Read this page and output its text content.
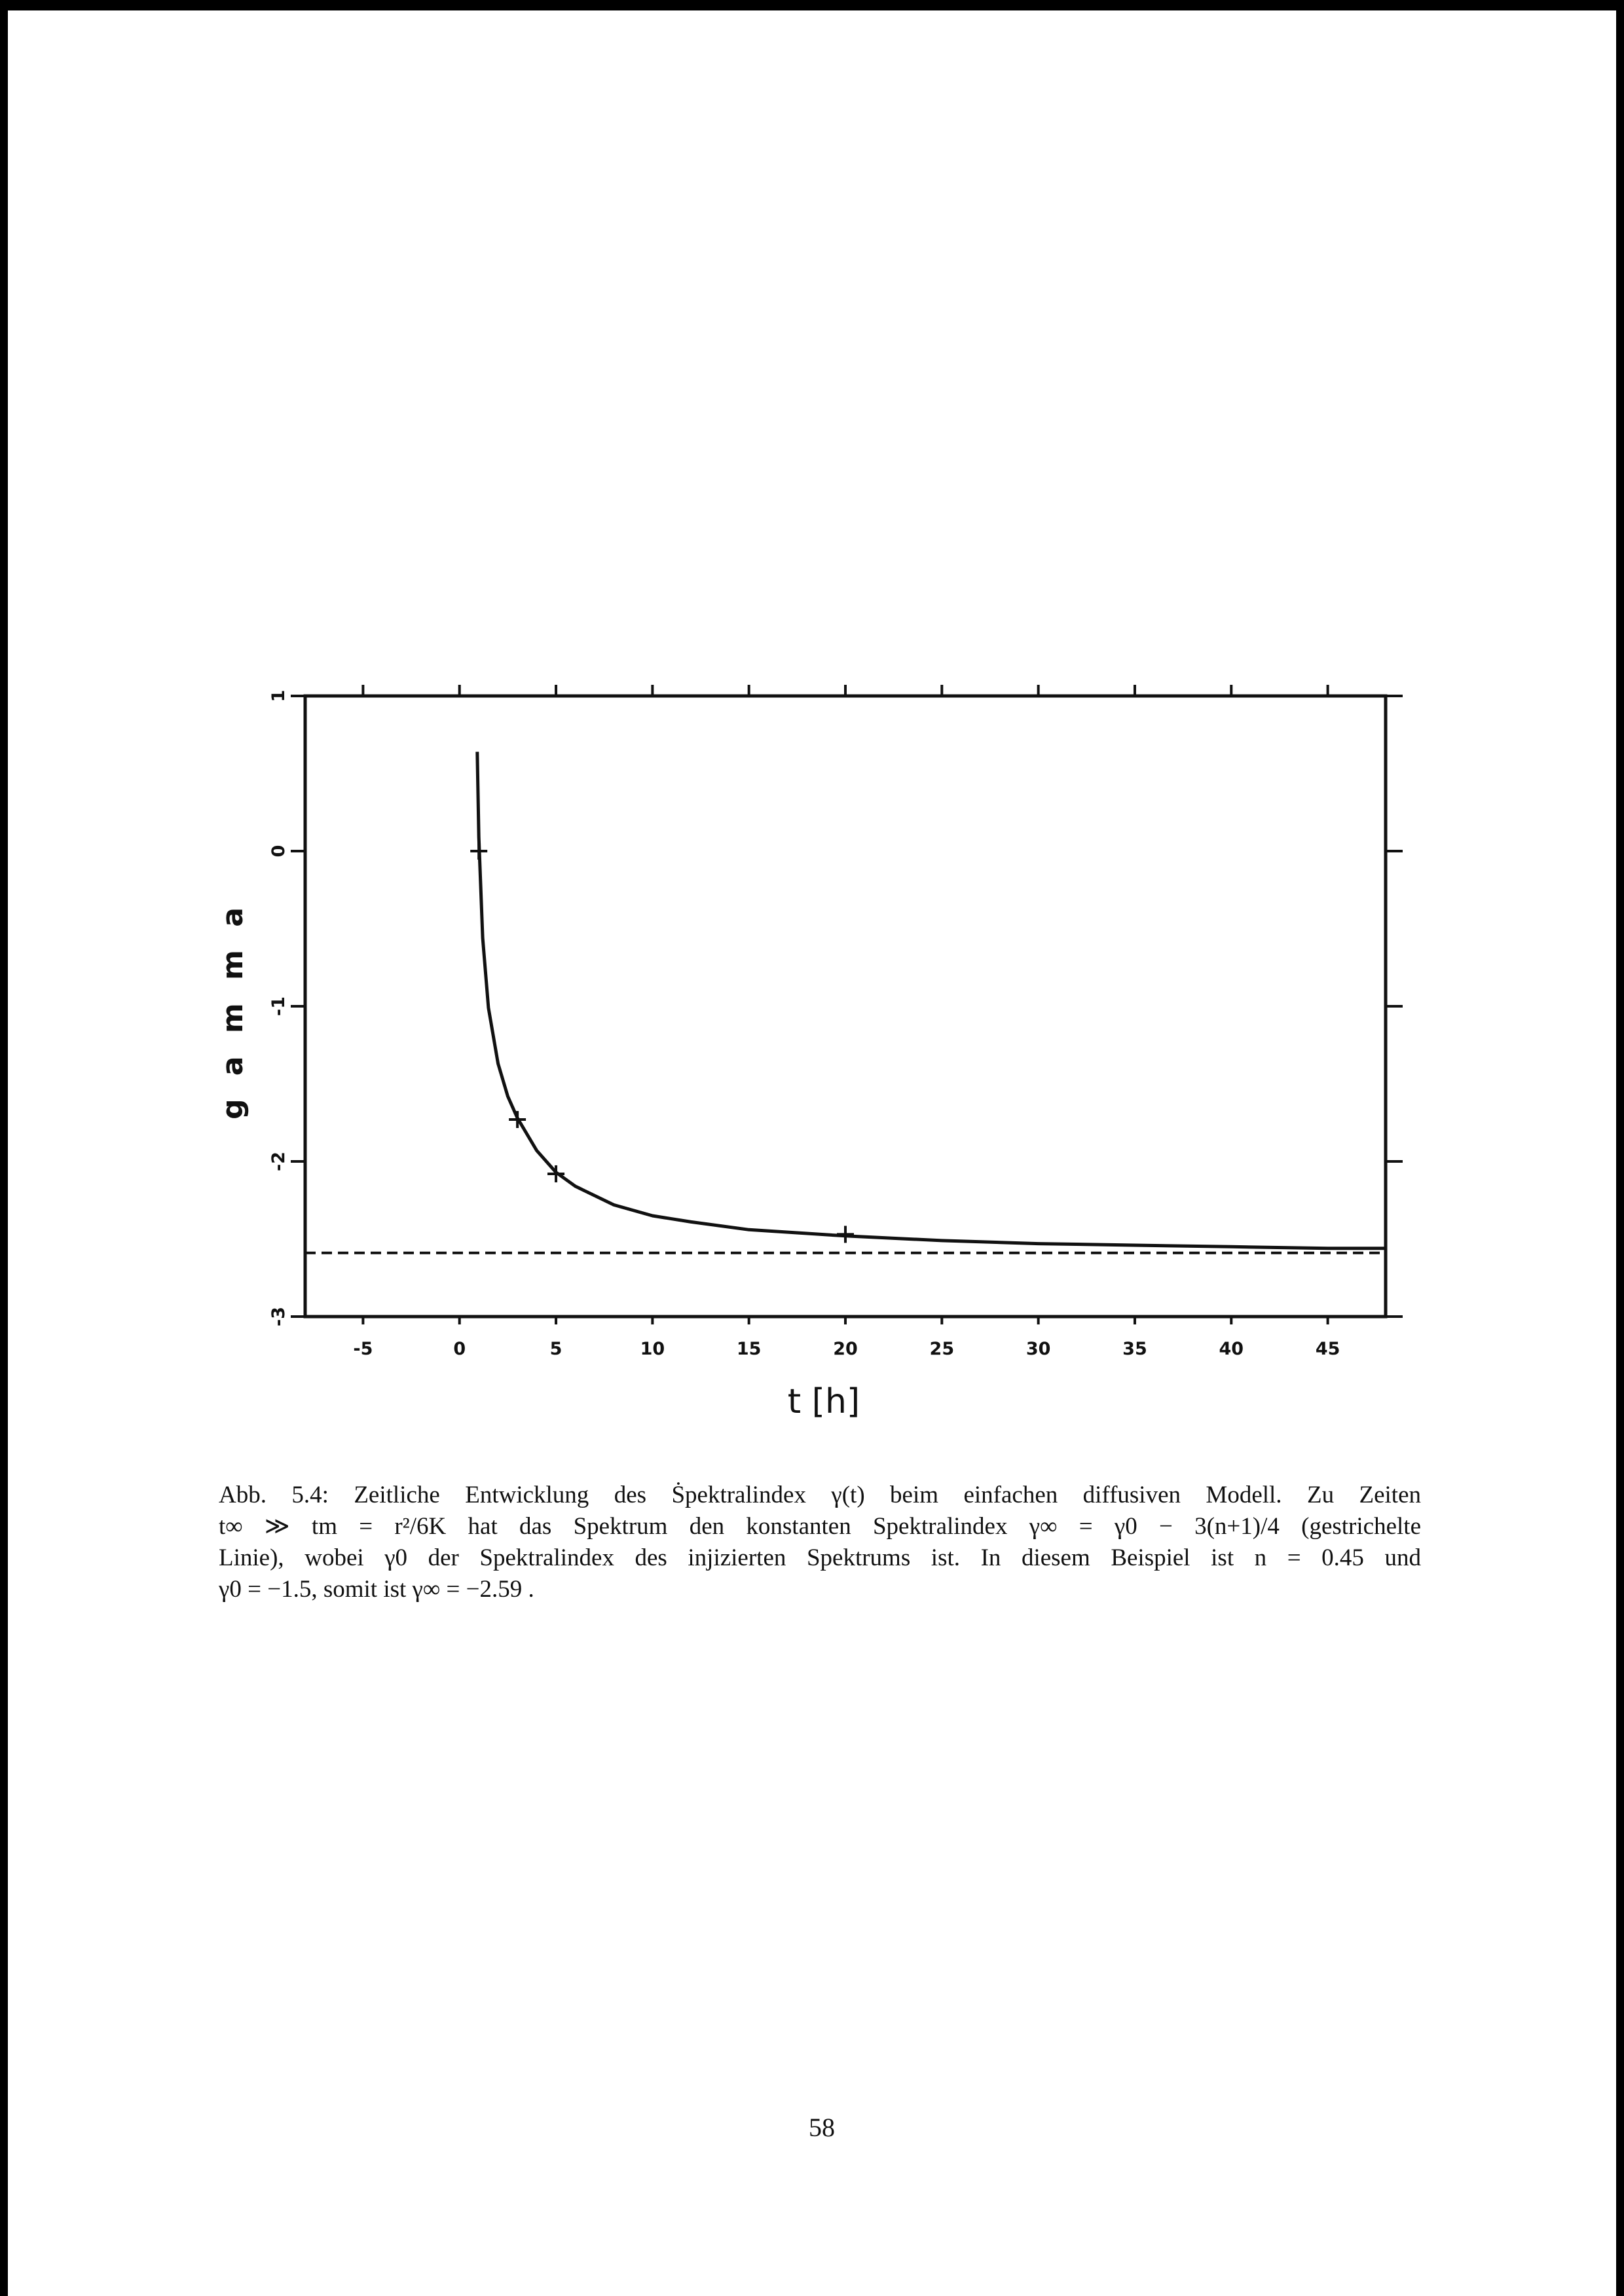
-5	0	5	10	15	20	25	30	35	40	45
1
0
-1
-2
-3
t [h]
g a m m a
Abb. 5.4: Zeitliche Entwicklung des Ṡpektralindex γ(t) beim einfachen diffusiven Modell. Zu Zeiten
t∞ ≫ tm = r²/6K hat das Spektrum den konstanten Spektralindex γ∞ = γ0 − 3(n+1)/4 (gestrichelte
Linie), wobei γ0 der Spektralindex des injizierten Spektrums ist. In diesem Beispiel ist n = 0.45 und
γ0 = −1.5, somit ist γ∞ = −2.59 .
58
